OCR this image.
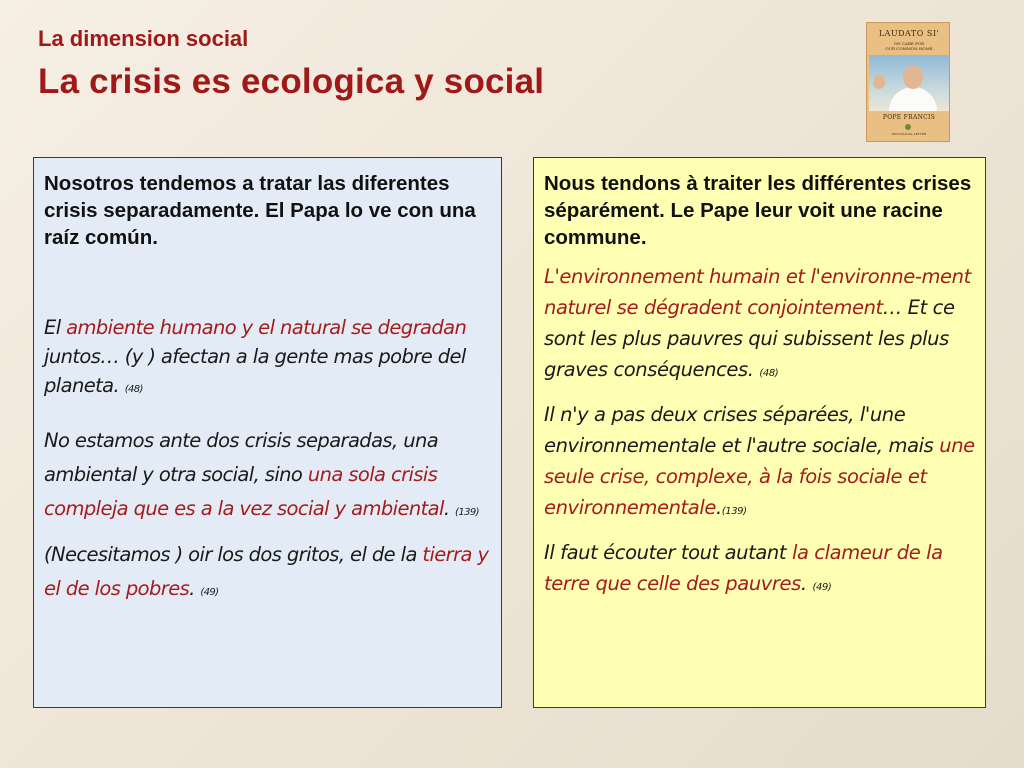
La dimension social
La crisis es ecologica y social
LAUDATO SI'
ON CARE FOR
OUR COMMON HOME
POPE FRANCIS
ENCYCLICAL LETTER

Nosotros tendemos a tratar las diferentes crisis separadamente. El Papa lo ve con una raíz común.

El ambiente humano y el natural se degradan juntos… (y ) afectan a la gente mas pobre del planeta. (48)

No estamos ante dos crisis separadas, una ambiental y otra social, sino una sola crisis compleja que es a la vez social y ambiental. (139)

(Necesitamos ) oir los dos gritos, el de la tierra y el de los pobres. (49)

Nous tendons à traiter les différentes crises séparément. Le Pape leur voit une racine commune.

L'environnement humain et l'environne-ment naturel se dégradent conjointement… Et ce sont les plus pauvres qui subissent les plus graves conséquences. (48)

Il n'y a pas deux crises séparées, l'une environnementale et l'autre sociale, mais une seule crise, complexe, à la fois sociale et environnementale.(139)

Il faut écouter tout autant la clameur de la terre que celle des pauvres. (49)
